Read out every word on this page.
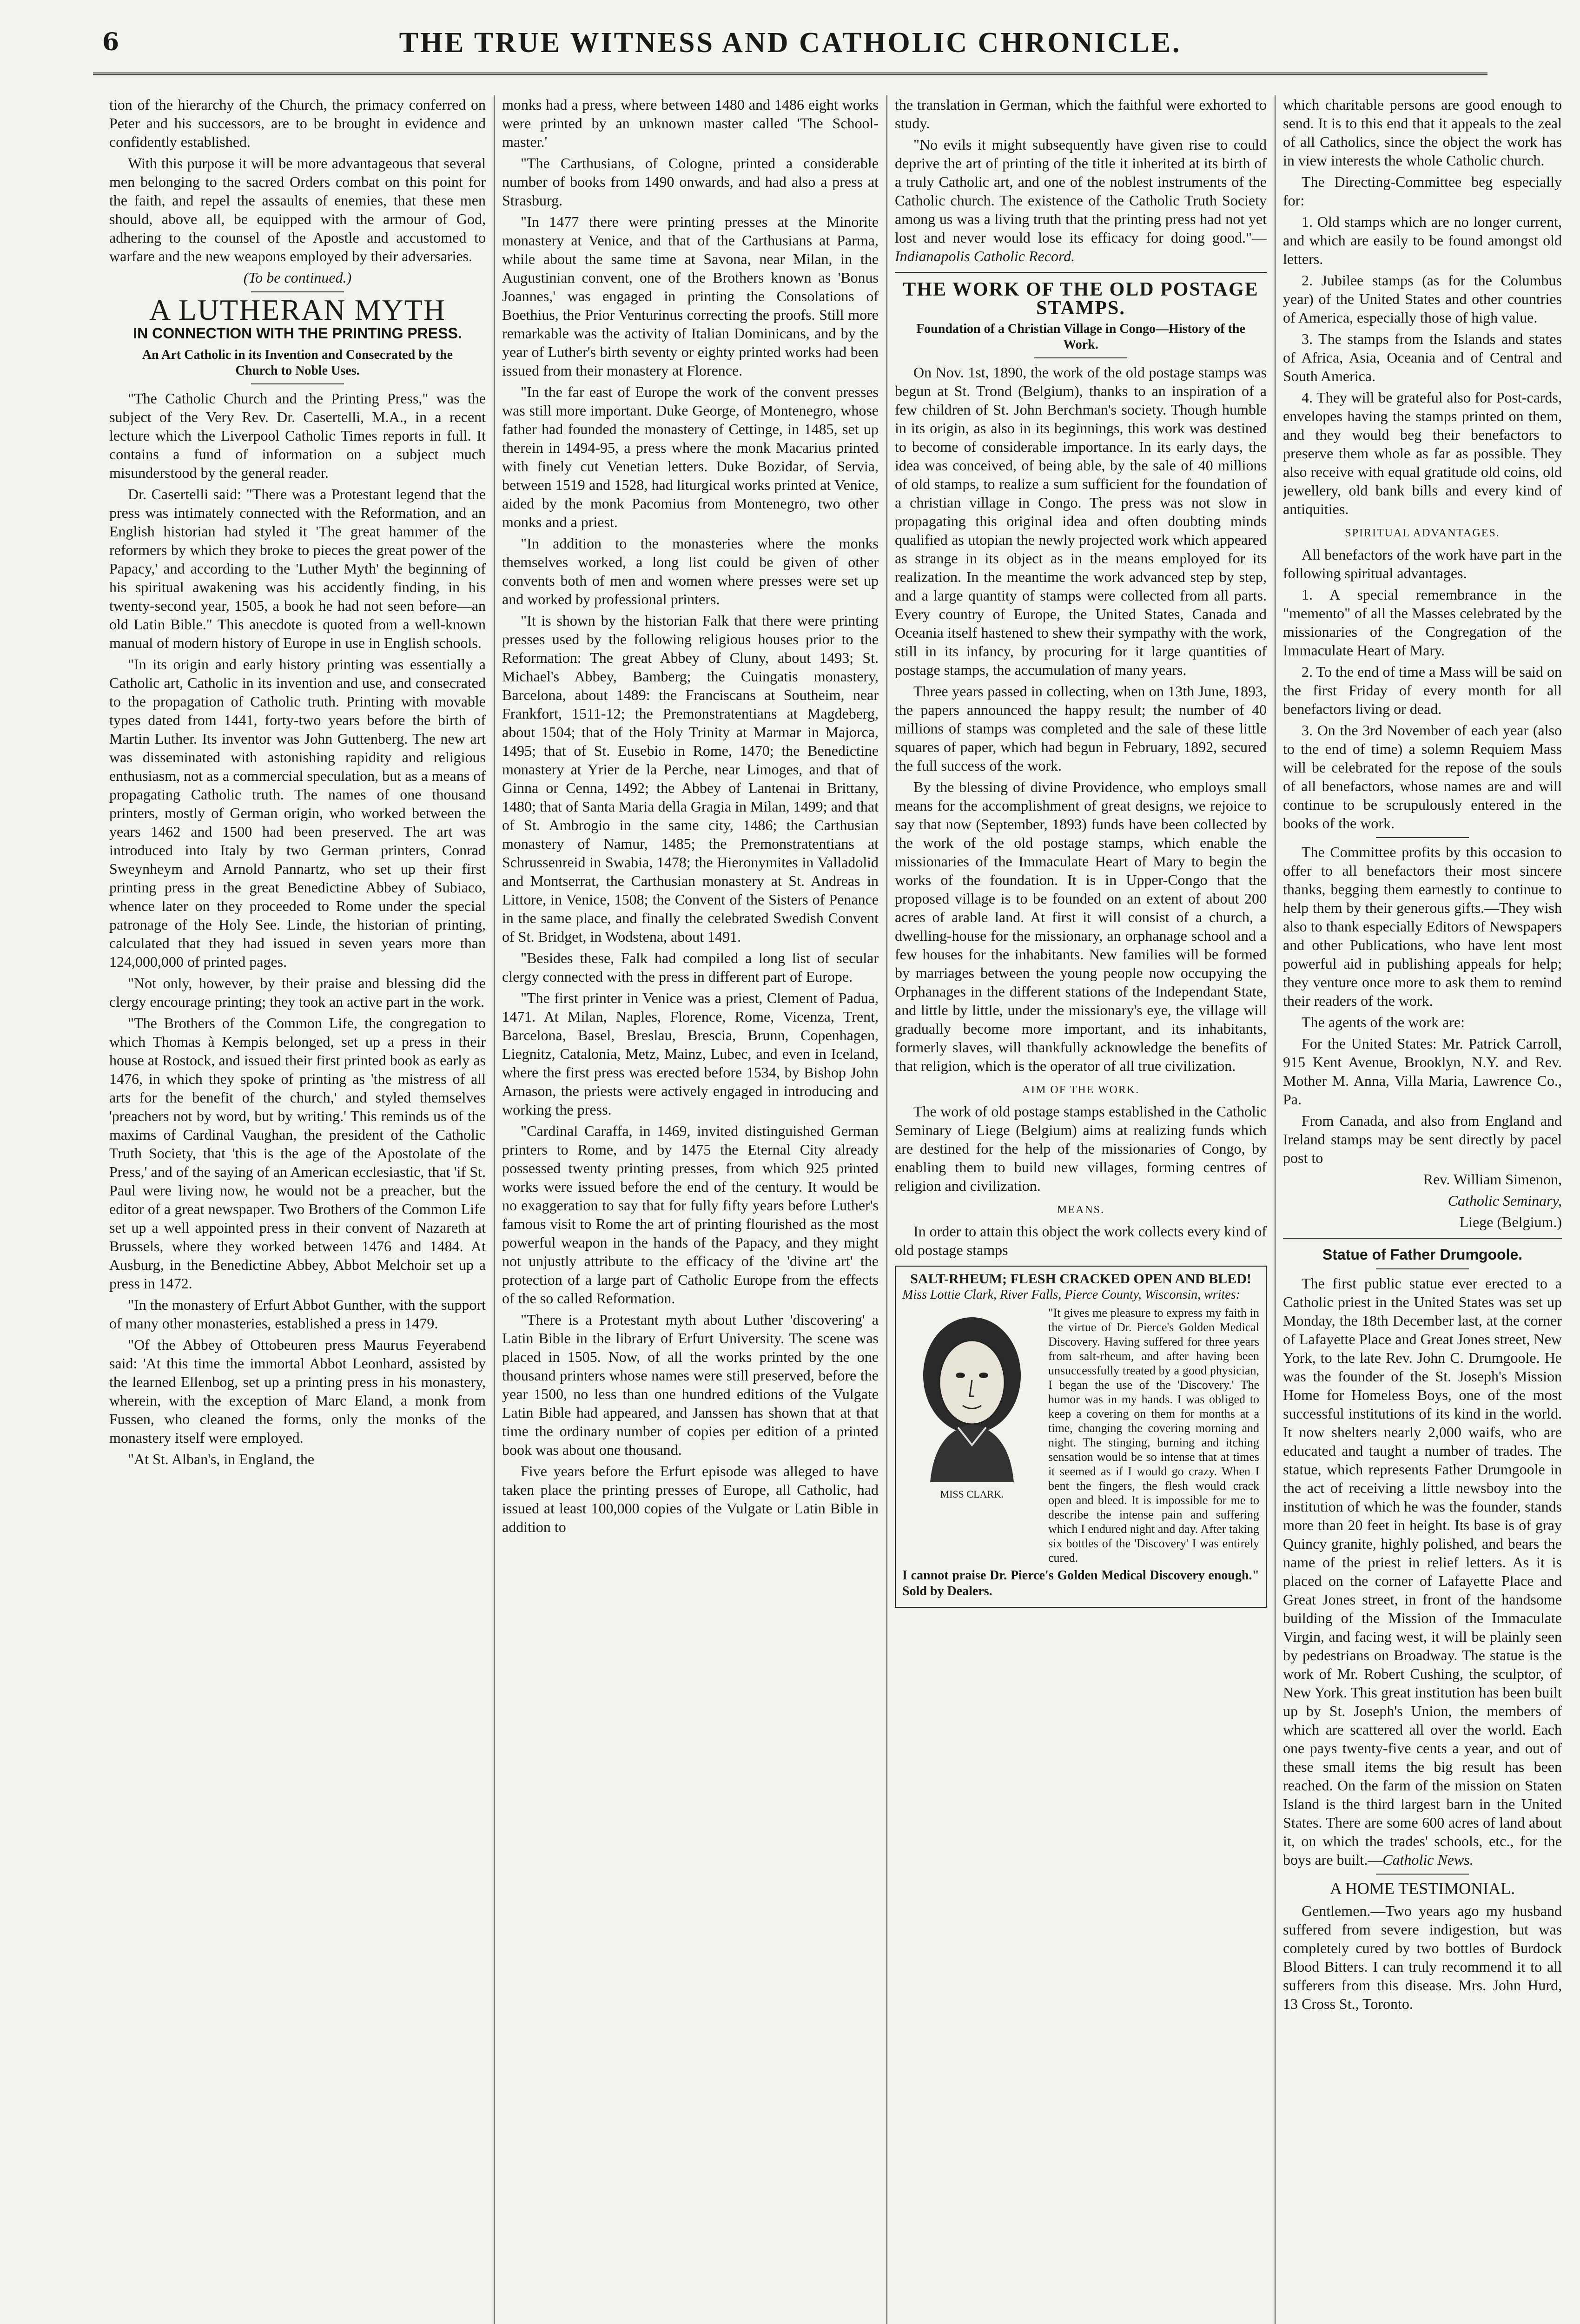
6	THE TRUE WITNESS AND CATHOLIC CHRONICLE.

tion of the hierarchy of the Church, the primacy conferred on Peter and his successors, are to be brought in evidence and confidently established.

With this purpose it will be more advantageous that several men belonging to the sacred Orders combat on this point for the faith, and repel the assaults of enemies, that these men should, above all, be equipped with the armour of God, adhering to the counsel of the Apostle and accustomed to warfare and the new weapons employed by their adversaries.

(To be continued.)

A LUTHERAN MYTH
IN CONNECTION WITH THE PRINTING PRESS.
An Art Catholic in its Invention and Consecrated by the Church to Noble Uses.

"The Catholic Church and the Printing Press," was the subject of the Very Rev. Dr. Casertelli, M.A., in a recent lecture which the Liverpool Catholic Times reports in full. It contains a fund of information on a subject much misunderstood by the general reader.

Dr. Casertelli said: "There was a Protestant legend that the press was intimately connected with the Reformation, and an English historian had styled it 'The great hammer of the reformers by which they broke to pieces the great power of the Papacy,' and according to the 'Luther Myth' the beginning of his spiritual awakening was his accidently finding, in his twenty-second year, 1505, a book he had not seen before—an old Latin Bible." This anecdote is quoted from a well-known manual of modern history of Europe in use in English schools.

"In its origin and early history printing was essentially a Catholic art, Catholic in its invention and use, and consecrated to the propagation of Catholic truth. Printing with movable types dated from 1441, forty-two years before the birth of Martin Luther. Its inventor was John Guttenberg. The new art was disseminated with astonishing rapidity and religious enthusiasm, not as a commercial speculation, but as a means of propagating Catholic truth. The names of one thousand printers, mostly of German origin, who worked between the years 1462 and 1500 had been preserved. The art was introduced into Italy by two German printers, Conrad Sweynheym and Arnold Pannartz, who set up their first printing press in the great Benedictine Abbey of Subiaco, whence later on they proceeded to Rome under the special patronage of the Holy See. Linde, the historian of printing, calculated that they had issued in seven years more than 124,000,000 of printed pages.

"Not only, however, by their praise and blessing did the clergy encourage printing; they took an active part in the work.

"The Brothers of the Common Life, the congregation to which Thomas à Kempis belonged, set up a press in their house at Rostock, and issued their first printed book as early as 1476, in which they spoke of printing as 'the mistress of all arts for the benefit of the church,' and styled themselves 'preachers not by word, but by writing.' This reminds us of the maxims of Cardinal Vaughan, the president of the Catholic Truth Society, that 'this is the age of the Apostolate of the Press,' and of the saying of an American ecclesiastic, that 'if St. Paul were living now, he would not be a preacher, but the editor of a great newspaper. Two Brothers of the Common Life set up a well appointed press in their convent of Nazareth at Brussels, where they worked between 1476 and 1484. At Ausburg, in the Benedictine Abbey, Abbot Melchoir set up a press in 1472.

"In the monastery of Erfurt Abbot Gunther, with the support of many other monasteries, established a press in 1479.

"Of the Abbey of Ottobeuren press Maurus Feyerabend said: 'At this time the immortal Abbot Leonhard, assisted by the learned Ellenbog, set up a printing press in his monastery, wherein, with the exception of Marc Eland, a monk from Fussen, who cleaned the forms, only the monks of the monastery itself were employed.

"At St. Alban's, in England, the

monks had a press, where between 1480 and 1486 eight works were printed by an unknown master called 'The School-master.'

"The Carthusians, of Cologne, printed a considerable number of books from 1490 onwards, and had also a press at Strasburg.

"In 1477 there were printing presses at the Minorite monastery at Venice, and that of the Carthusians at Parma, while about the same time at Savona, near Milan, in the Augustinian convent, one of the Brothers known as 'Bonus Joannes,' was engaged in printing the Consolations of Boethius, the Prior Venturinus correcting the proofs. Still more remarkable was the activity of Italian Dominicans, and by the year of Luther's birth seventy or eighty printed works had been issued from their monastery at Florence.

"In the far east of Europe the work of the convent presses was still more important. Duke George, of Montenegro, whose father had founded the monastery of Cettinge, in 1485, set up therein in 1494-95, a press where the monk Macarius printed with finely cut Venetian letters. Duke Bozidar, of Servia, between 1519 and 1528, had liturgical works printed at Venice, aided by the monk Pacomius from Montenegro, two other monks and a priest.

"In addition to the monasteries where the monks themselves worked, a long list could be given of other convents both of men and women where presses were set up and worked by professional printers.

"It is shown by the historian Falk that there were printing presses used by the following religious houses prior to the Reformation: The great Abbey of Cluny, about 1493; St. Michael's Abbey, Bamberg; the Cuingatis monastery, Barcelona, about 1489: the Franciscans at Southeim, near Frankfort, 1511-12; the Premonstratentians at Magdeberg, about 1504; that of the Holy Trinity at Marmar in Majorca, 1495; that of St. Eusebio in Rome, 1470; the Benedictine monastery at Yrier de la Perche, near Limoges, and that of Ginna or Cenna, 1492; the Abbey of Lantenai in Brittany, 1480; that of Santa Maria della Gragia in Milan, 1499; and that of St. Ambrogio in the same city, 1486; the Carthusian monastery of Namur, 1485; the Premonstratentians at Schrussenreid in Swabia, 1478; the Hieronymites in Valladolid and Montserrat, the Carthusian monastery at St. Andreas in Littore, in Venice, 1508; the Convent of the Sisters of Penance in the same place, and finally the celebrated Swedish Convent of St. Bridget, in Wodstena, about 1491.

"Besides these, Falk had compiled a long list of secular clergy connected with the press in different part of Europe.

"The first printer in Venice was a priest, Clement of Padua, 1471. At Milan, Naples, Florence, Rome, Vicenza, Trent, Barcelona, Basel, Breslau, Brescia, Brunn, Copenhagen, Liegnitz, Catalonia, Metz, Mainz, Lubec, and even in Iceland, where the first press was erected before 1534, by Bishop John Arnason, the priests were actively engaged in introducing and working the press.

"Cardinal Caraffa, in 1469, invited distinguished German printers to Rome, and by 1475 the Eternal City already possessed twenty printing presses, from which 925 printed works were issued before the end of the century. It would be no exaggeration to say that for fully fifty years before Luther's famous visit to Rome the art of printing flourished as the most powerful weapon in the hands of the Papacy, and they might not unjustly attribute to the efficacy of the 'divine art' the protection of a large part of Catholic Europe from the effects of the so called Reformation.

"There is a Protestant myth about Luther 'discovering' a Latin Bible in the library of Erfurt University. The scene was placed in 1505. Now, of all the works printed by the one thousand printers whose names were still preserved, before the year 1500, no less than one hundred editions of the Vulgate Latin Bible had appeared, and Janssen has shown that at that time the ordinary number of copies per edition of a printed book was about one thousand.

Five years before the Erfurt episode was alleged to have taken place the printing presses of Europe, all Catholic, had issued at least 100,000 copies of the Vulgate or Latin Bible in addition to

the translation in German, which the faithful were exhorted to study.

"No evils it might subsequently have given rise to could deprive the art of printing of the title it inherited at its birth of a truly Catholic art, and one of the noblest instruments of the Catholic church. The existence of the Catholic Truth Society among us was a living truth that the printing press had not yet lost and never would lose its efficacy for doing good."—Indianapolis Catholic Record.

THE WORK OF THE OLD POSTAGE STAMPS.
Foundation of a Christian Village in Congo—History of the Work.

On Nov. 1st, 1890, the work of the old postage stamps was begun at St. Trond (Belgium), thanks to an inspiration of a few children of St. John Berchman's society. Though humble in its origin, as also in its beginnings, this work was destined to become of considerable importance. In its early days, the idea was conceived, of being able, by the sale of 40 millions of old stamps, to realize a sum sufficient for the foundation of a christian village in Congo. The press was not slow in propagating this original idea and often doubting minds qualified as utopian the newly projected work which appeared as strange in its object as in the means employed for its realization. In the meantime the work advanced step by step, and a large quantity of stamps were collected from all parts. Every country of Europe, the United States, Canada and Oceania itself hastened to shew their sympathy with the work, still in its infancy, by procuring for it large quantities of postage stamps, the accumulation of many years.

Three years passed in collecting, when on 13th June, 1893, the papers announced the happy result; the number of 40 millions of stamps was completed and the sale of these little squares of paper, which had begun in February, 1892, secured the full success of the work.

By the blessing of divine Providence, who employs small means for the accomplishment of great designs, we rejoice to say that now (September, 1893) funds have been collected by the work of the old postage stamps, which enable the missionaries of the Immaculate Heart of Mary to begin the works of the foundation. It is in Upper-Congo that the proposed village is to be founded on an extent of about 200 acres of arable land. At first it will consist of a church, a dwelling-house for the missionary, an orphanage school and a few houses for the inhabitants. New families will be formed by marriages between the young people now occupying the Orphanages in the different stations of the Independant State, and little by little, under the missionary's eye, the village will gradually become more important, and its inhabitants, formerly slaves, will thankfully acknowledge the benefits of that religion, which is the operator of all true civilization.

AIM OF THE WORK.

The work of old postage stamps established in the Catholic Seminary of Liege (Belgium) aims at realizing funds which are destined for the help of the missionaries of Congo, by enabling them to build new villages, forming centres of religion and civilization.

MEANS.

In order to attain this object the work collects every kind of old postage stamps

SALT-RHEUM; FLESH CRACKED OPEN AND BLED!

Miss Lottie Clark, River Falls, Pierce County, Wisconsin, writes:

MISS CLARK.

"It gives me pleasure to express my faith in the virtue of Dr. Pierce's Golden Medical Discovery. Having suffered for three years from salt-rheum, and after having been unsuccessfully treated by a good physician, I began the use of the 'Discovery.' The humor was in my hands. I was obliged to keep a covering on them for months at a time, changing the covering morning and night. The stinging, burning and itching sensation would be so intense that at times it seemed as if I would go crazy. When I bent the fingers, the flesh would crack open and bleed. It is impossible for me to describe the intense pain and suffering which I endured night and day. After taking six bottles of the 'Discovery' I was entirely cured.

I cannot praise Dr. Pierce's Golden Medical Discovery enough." Sold by Dealers.

which charitable persons are good enough to send. It is to this end that it appeals to the zeal of all Catholics, since the object the work has in view interests the whole Catholic church.

The Directing-Committee beg especially for:

1. Old stamps which are no longer current, and which are easily to be found amongst old letters.

2. Jubilee stamps (as for the Columbus year) of the United States and other countries of America, especially those of high value.

3. The stamps from the Islands and states of Africa, Asia, Oceania and of Central and South America.

4. They will be grateful also for Post-cards, envelopes having the stamps printed on them, and they would beg their benefactors to preserve them whole as far as possible. They also receive with equal gratitude old coins, old jewellery, old bank bills and every kind of antiquities.

SPIRITUAL ADVANTAGES.

All benefactors of the work have part in the following spiritual advantages.

1. A special remembrance in the "memento" of all the Masses celebrated by the missionaries of the Congregation of the Immaculate Heart of Mary.

2. To the end of time a Mass will be said on the first Friday of every month for all benefactors living or dead.

3. On the 3rd November of each year (also to the end of time) a solemn Requiem Mass will be celebrated for the repose of the souls of all benefactors, whose names are and will continue to be scrupulously entered in the books of the work.

The Committee profits by this occasion to offer to all benefactors their most sincere thanks, begging them earnestly to continue to help them by their generous gifts.—They wish also to thank especially Editors of Newspapers and other Publications, who have lent most powerful aid in publishing appeals for help; they venture once more to ask them to remind their readers of the work.

The agents of the work are:

For the United States: Mr. Patrick Carroll, 915 Kent Avenue, Brooklyn, N.Y. and Rev. Mother M. Anna, Villa Maria, Lawrence Co., Pa.

From Canada, and also from England and Ireland stamps may be sent directly by pacel post to

Rev. William Simenon,

Catholic Seminary,

Liege (Belgium.)

Statue of Father Drumgoole.

The first public statue ever erected to a Catholic priest in the United States was set up Monday, the 18th December last, at the corner of Lafayette Place and Great Jones street, New York, to the late Rev. John C. Drumgoole. He was the founder of the St. Joseph's Mission Home for Homeless Boys, one of the most successful institutions of its kind in the world. It now shelters nearly 2,000 waifs, who are educated and taught a number of trades. The statue, which represents Father Drumgoole in the act of receiving a little newsboy into the institution of which he was the founder, stands more than 20 feet in height. Its base is of gray Quincy granite, highly polished, and bears the name of the priest in relief letters. As it is placed on the corner of Lafayette Place and Great Jones street, in front of the handsome building of the Mission of the Immaculate Virgin, and facing west, it will be plainly seen by pedestrians on Broadway. The statue is the work of Mr. Robert Cushing, the sculptor, of New York. This great institution has been built up by St. Joseph's Union, the members of which are scattered all over the world. Each one pays twenty-five cents a year, and out of these small items the big result has been reached. On the farm of the mission on Staten Island is the third largest barn in the United States. There are some 600 acres of land about it, on which the trades' schools, etc., for the boys are built.—Catholic News.

A HOME TESTIMONIAL.

Gentlemen.—Two years ago my husband suffered from severe indigestion, but was completely cured by two bottles of Burdock Blood Bitters. I can truly recommend it to all sufferers from this disease. Mrs. John Hurd, 13 Cross St., Toronto.
